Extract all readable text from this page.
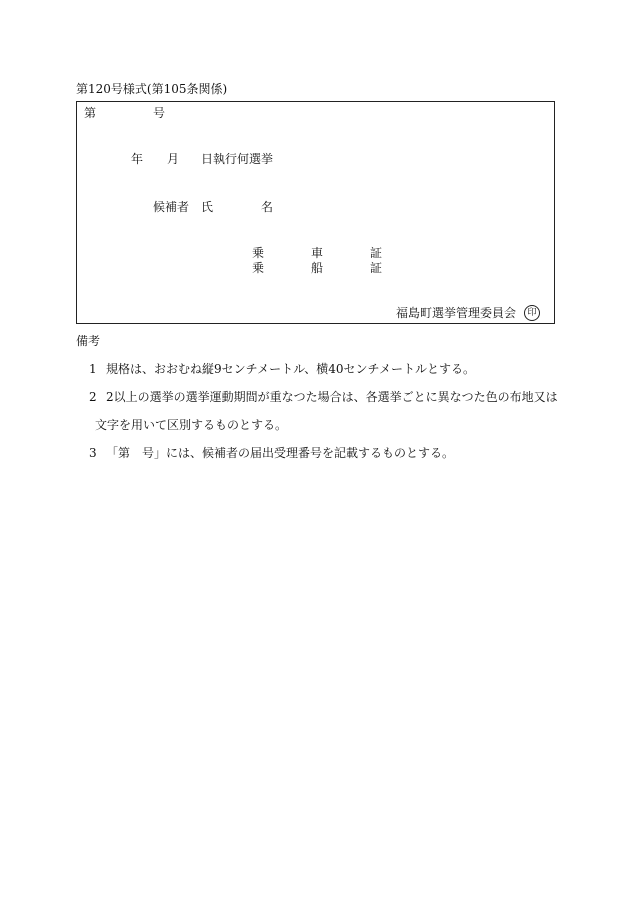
第120号様式(第105条関係)
第	号
年 月 日執行何選挙
候補者 氏	名
乗	車	証
乗	船	証
福島町選挙管理委員会	印
備考
1 規格は、おおむね縦9センチメートル、横40センチメートルとする。
2 2以上の選挙の選挙運動期間が重なつた場合は、各選挙ごとに異なつた色の布地又は
文字を用いて区別するものとする。
3 「第　号」には、候補者の届出受理番号を記載するものとする。
